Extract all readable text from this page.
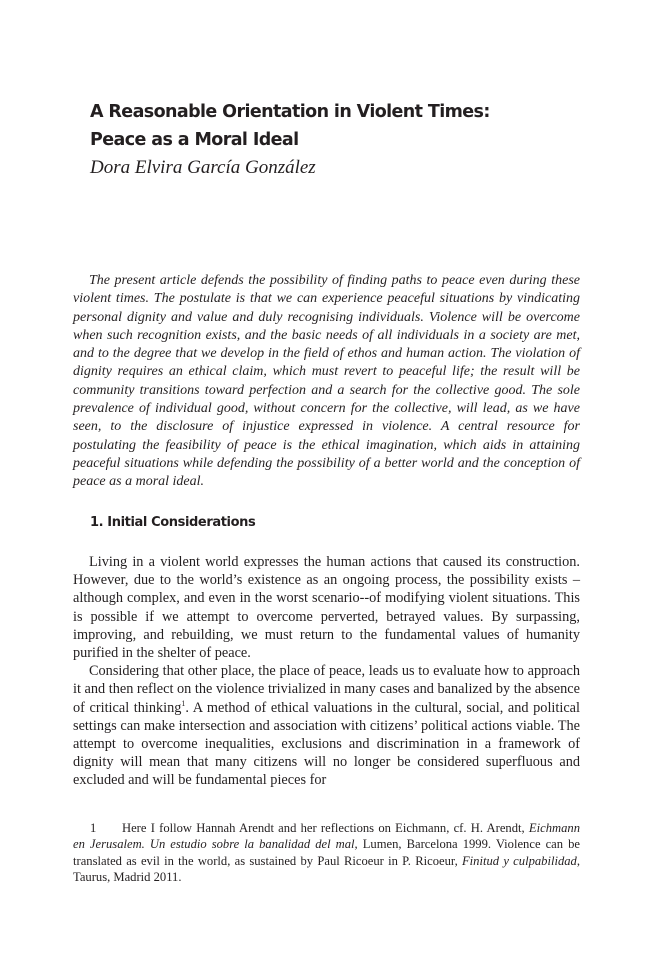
A Reasonable Orientation in Violent Times:
Peace as a Moral Ideal
Dora Elvira García González

The present article defends the possibility of finding paths to peace even during these violent times. The postulate is that we can experience peaceful situations by vindicating personal dignity and value and duly recognising individuals. Violence will be overcome when such recognition exists, and the basic needs of all individuals in a society are met, and to the degree that we develop in the field of ethos and human action. The violation of dignity requires an ethical claim, which must revert to peaceful life; the result will be community transitions toward perfection and a search for the collective good. The sole prevalence of individual good, without concern for the collective, will lead, as we have seen, to the disclosure of injustice expressed in violence. A central resource for postulating the feasibility of peace is the ethical imagination, which aids in attaining peaceful situations while defending the possibility of a better world and the conception of peace as a moral ideal.

1. Initial Considerations

Living in a violent world expresses the human actions that caused its construction. However, due to the world’s existence as an ongoing process, the possibility exists – although complex, and even in the worst scenario--of modifying violent situations. This is possible if we attempt to overcome perverted, betrayed values. By surpassing, improving, and rebuilding, we must return to the fundamental values of humanity purified in the shelter of peace.

Considering that other place, the place of peace, leads us to evaluate how to approach it and then reflect on the violence trivialized in many cases and banalized by the absence of critical thinking$^1$. A method of ethical valuations in the cultural, social, and political settings can make intersection and association with citizens’ political actions viable. The attempt to overcome inequalities, exclusions and discrimination in a framework of dignity will mean that many citizens will no longer be considered superfluous and excluded and will be fundamental pieces for

1 Here I follow Hannah Arendt and her reflections on Eichmann, cf. H. Arendt, Eichmann en Jerusalem. Un estudio sobre la banalidad del mal, Lumen, Barcelona 1999. Violence can be translated as evil in the world, as sustained by Paul Ricoeur in P. Ricoeur, Finitud y culpabilidad, Taurus, Madrid 2011.
